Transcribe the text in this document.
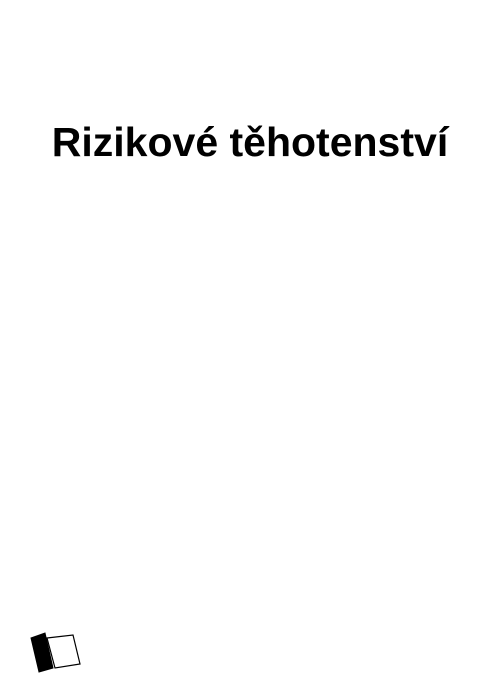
Rizikové těhotenství
